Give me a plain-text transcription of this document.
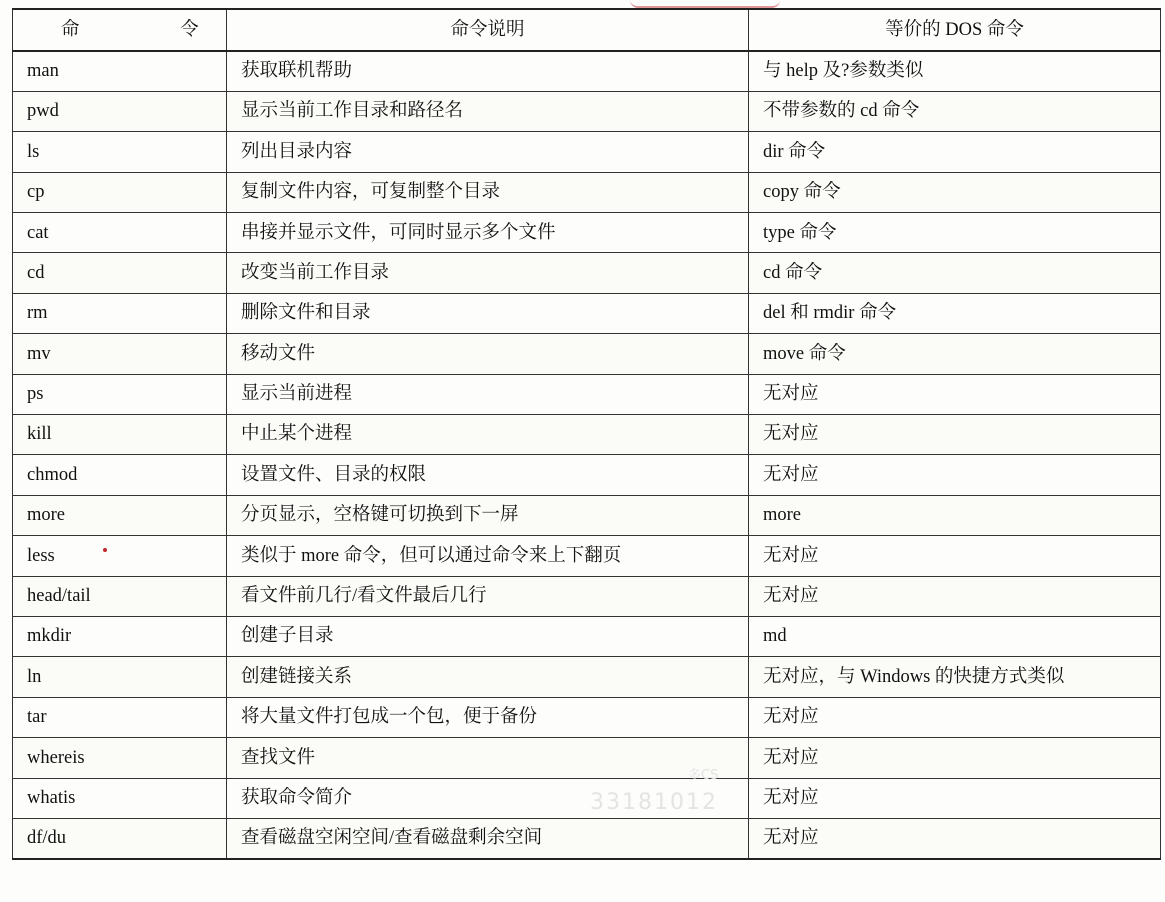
命 令	命令说明	等价的 DOS 命令
man	获取联机帮助	与 help 及?参数类似
pwd	显示当前工作目录和路径名	不带参数的 cd 命令
ls	列出目录内容	dir 命令
cp	复制文件内容，可复制整个目录	copy 命令
cat	串接并显示文件，可同时显示多个文件	type 命令
cd	改变当前工作目录	cd 命令
rm	删除文件和目录	del 和 rmdir 命令
mv	移动文件	move 命令
ps	显示当前进程	无对应
kill	中止某个进程	无对应
chmod	设置文件、目录的权限	无对应
more	分页显示，空格键可切换到下一屏	more
less	类似于 more 命令，但可以通过命令来上下翻页	无对应
head/tail	看文件前几行/看文件最后几行	无对应
mkdir	创建子目录	md
ln	创建链接关系	无对应，与 Windows 的快捷方式类似
tar	将大量文件打包成一个包，便于备份	无对应
whereis	查找文件	无对应
whatis	获取命令简介	无对应
df/du	查看磁盘空闲空间/查看磁盘剩余空间	无对应
多CS
33181012
